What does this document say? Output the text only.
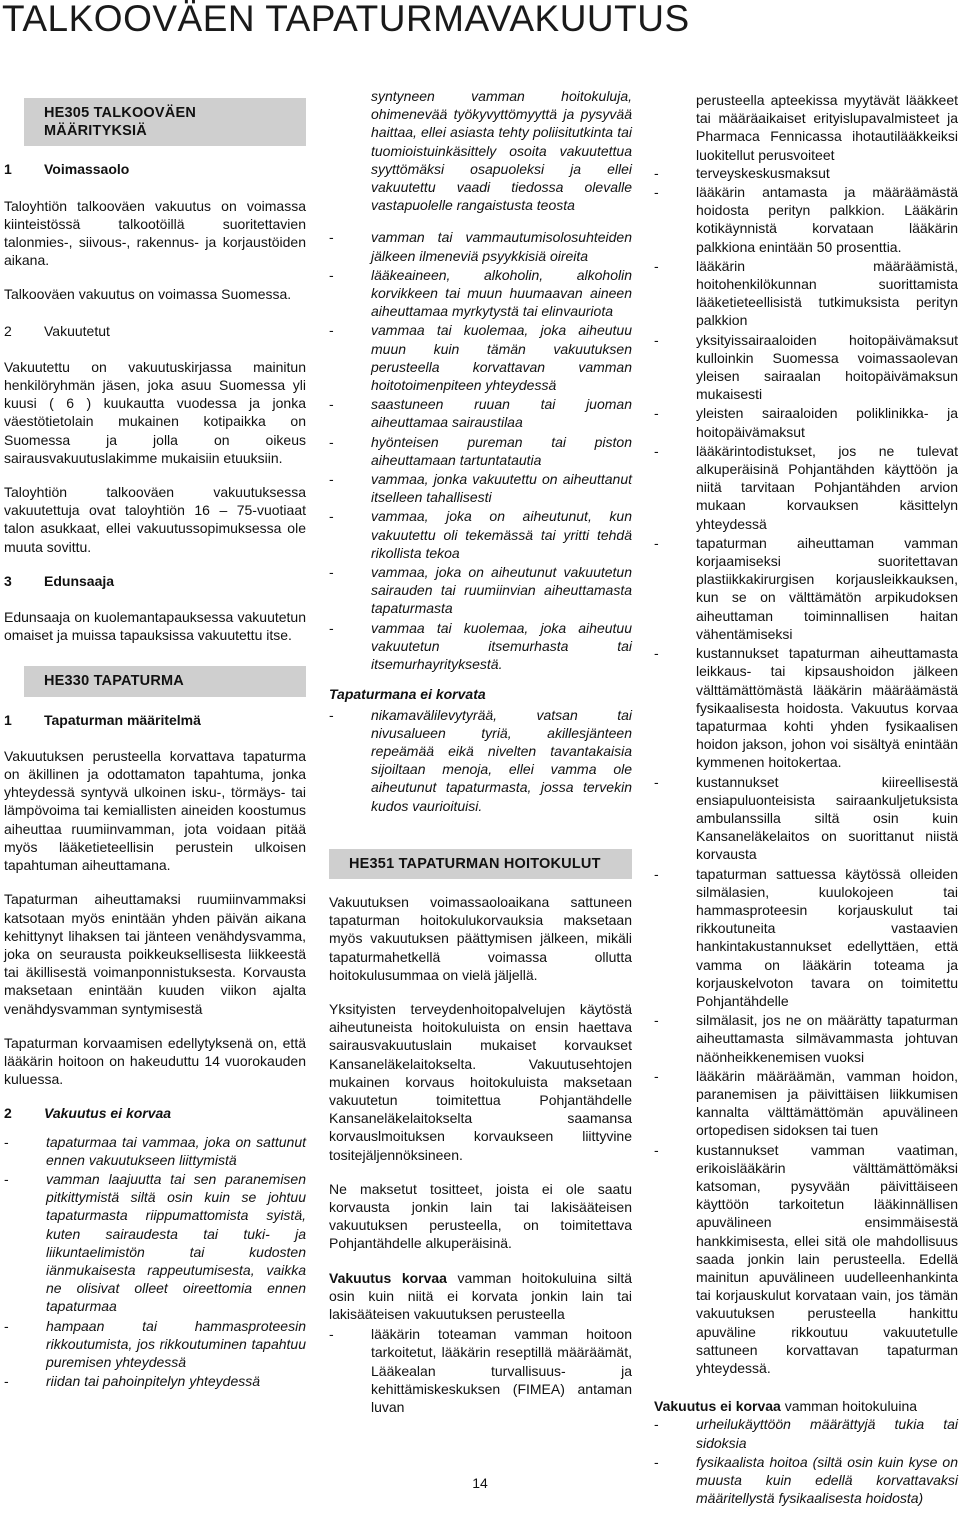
TALKOOVÄEN TAPATURMAVAKUUTUS
HE305 TALKOOVÄEN MÄÄRITYKSIÄ
1	Voimassaolo

Taloyhtiön talkooväen vakuutus on voimassa kiinteistössä talkootöillä suoritettavien talonmies-, siivous-, rakennus- ja korjaustöiden aikana.

Talkooväen vakuutus on voimassa Suomessa.

2	Vakuutetut

Vakuutettu on vakuutuskirjassa mainitun henkilöryhmän jäsen, joka asuu Suomessa yli kuusi ( 6 ) kuukautta vuodessa ja jonka väestötietolain mukainen kotipaikka on Suomessa ja jolla on oikeus sairausvakuutuslakimme mukaisiin etuuksiin.

Taloyhtiön talkooväen vakuutuksessa vakuutettuja ovat taloyhtiön 16 – 75-vuotiaat talon asukkaat, ellei vakuutussopimuksessa ole muuta sovittu.

3	Edunsaaja

Edunsaaja on kuolemantapauksessa vakuutetun omaiset ja muissa tapauksissa vakuutettu itse.

HE330 TAPATURMA
1	Tapaturman määritelmä

Vakuutuksen perusteella korvattava tapaturma on äkillinen ja odottamaton tapahtuma, jonka yhteydessä syntyvä ulkoinen isku-, törmäys- tai lämpövoima tai kemiallisten aineiden koostumus aiheuttaa ruumiinvamman, jota voidaan pitää myös lääketieteellisin perustein ulkoisen tapahtuman aiheuttamana.

Tapaturman aiheuttamaksi ruumiinvammaksi katsotaan myös enintään yhden päivän aikana kehittynyt lihaksen tai jänteen venähdysvamma, joka on seurausta poikkeuksellisesta liikkeestä tai äkillisestä voimanponnistuksesta. Korvausta maksetaan enintään kuuden viikon ajalta venähdysvamman syntymisestä

Tapaturman korvaamisen edellytyksenä on, että lääkärin hoitoon on hakeuduttu 14 vuorokauden kuluessa.

2	Vakuutus ei korvaa
-	tapaturmaa tai vammaa, joka on sattunut ennen vakuutukseen liittymistä
-	vamman laajuutta tai sen paranemisen pitkittymistä siltä osin kuin se johtuu tapaturmasta riippumattomista syistä, kuten sairaudesta tai tuki- ja liikuntaelimistön tai kudosten iänmukaisesta rappeutumisesta, vaikka ne olisivat olleet oireettomia ennen tapaturmaa
-	hampaan tai hammasproteesin rikkoutumista, jos rikkoutuminen tapahtuu puremisen yhteydessä
-	riidan tai pahoinpitelyn yhteydessä

syntyneen vamman hoitokuluja, ohimenevää työkyvyttömyyttä ja pysyvää haittaa, ellei asiasta tehty poliisitutkinta tai tuomioistuinkäsittely osoita vakuutettua syyttömäksi osapuoleksi ja ellei vakuutettu vaadi tiedossa olevalle vastapuolelle rangaistusta teosta

-	vamman tai vammautumisolosuhteiden jälkeen ilmeneviä psyykkisiä oireita
-	lääkeaineen, alkoholin, alkoholin korvikkeen tai muun huumaavan aineen aiheuttamaa myrkytystä tai elinvauriota
-	vammaa tai kuolemaa, joka aiheutuu muun kuin tämän vakuutuksen perusteella korvattavan vamman hoitotoimenpiteen yhteydessä
-	saastuneen ruuan tai juoman aiheuttamaa sairaustilaa
-	hyönteisen pureman tai piston aiheuttamaan tartuntatautia
-	vammaa, jonka vakuutettu on aiheuttanut itselleen tahallisesti
-	vammaa, joka on aiheutunut, kun vakuutettu oli tekemässä tai yritti tehdä rikollista tekoa
-	vammaa, joka on aiheutunut vakuutetun sairauden tai ruumiinvian aiheuttamasta tapaturmasta
-	vammaa tai kuolemaa, joka aiheutuu vakuutetun itsemurhasta tai itsemurhayrityksestä.
Tapaturmana ei korvata
-	nikamavälilevytyrää, vatsan tai nivusalueen tyriä, akillesjänteen repeämää eikä nivelten tavantakaisia sijoiltaan menoja, ellei vamma ole aiheutunut tapaturmasta, jossa tervekin kudos vaurioituisi.
HE351 TAPATURMAN HOITOKULUT

Vakuutuksen voimassaoloaikana sattuneen tapaturman hoitokulukorvauksia maksetaan myös vakuutuksen päättymisen jälkeen, mikäli tapaturmahetkellä voimassa ollutta hoitokulusummaa on vielä jäljellä.

Yksityisten terveydenhoitopalvelujen käytöstä aiheutuneista hoitokuluista on ensin haettava sairausvakuutuslain mukaiset korvaukset Kansaneläkelaitokselta. Vakuutusehtojen mukainen korvaus hoitokuluista maksetaan vakuutetun toimitettua Pohjantähdelle Kansaneläkelaitokselta saamansa korvauslmoituksen korvaukseen liittyvine tositejäljennöksineen.

Ne maksetut tositteet, joista ei ole saatu korvausta jonkin lain tai lakisääteisen vakuutuksen perusteella, on toimitettava Pohjantähdelle alkuperäisinä.

Vakuutus korvaa vamman hoitokuluina siltä osin kuin niitä ei korvata jonkin lain tai lakisääteisen vakuutuksen perusteella

-	lääkärin toteaman vamman hoitoon tarkoitetut, lääkärin reseptillä määräämät, Lääkealan turvallisuus- ja kehittämiskeskuksen (FIMEA) antaman luvan

perusteella apteekissa myytävät lääkkeet tai määräaikaiset erityislupavalmisteet ja Pharmaca Fennicassa ihotautilääkkeiksi luokitellut perusvoiteet

-	terveyskeskusmaksut
-	lääkärin antamasta ja määräämästä hoidosta perityn palkkion. Lääkärin kotikäynnistä korvataan lääkärin palkkiona enintään 50 prosenttia.
-	lääkärin määräämistä, hoitohenkilökunnan suorittamista lääketieteellisistä tutkimuksista perityn palkkion
-	yksityissairaaloiden hoitopäivämaksut kulloinkin Suomessa voimassaolevan yleisen sairaalan hoitopäivämaksun mukaisesti
-	yleisten sairaaloiden poliklinikka- ja hoitopäivämaksut
-	lääkärintodistukset, jos ne tulevat alkuperäisinä Pohjantähden käyttöön ja niitä tarvitaan Pohjantähden arvion mukaan korvauksen käsittelyn yhteydessä
-	tapaturman aiheuttaman vamman korjaamiseksi suoritettavan plastiikkakirurgisen korjausleikkauksen, kun se on välttämätön arpikudoksen aiheuttaman toiminnallisen haitan vähentämiseksi
-	kustannukset tapaturman aiheuttamasta leikkaus- tai kipsaushoidon jälkeen välttämättömästä lääkärin määräämästä fysikaalisesta hoidosta. Vakuutus korvaa tapaturmaa kohti yhden fysikaalisen hoidon jakson, johon voi sisältyä enintään kymmenen hoitokertaa.
-	kustannukset kiireellisestä ensiapuluonteisista sairaankuljetuksista ambulanssilla siltä osin kuin Kansaneläkelaitos on suorittanut niistä korvausta
-	tapaturman sattuessa käytössä olleiden silmälasien, kuulokojeen tai hammasproteesin korjauskulut tai rikkoutuneita vastaavien hankintakustannukset edellyttäen, että vamma on lääkärin toteama ja korjauskelvoton tavara on toimitettu Pohjantähdelle
-	silmälasit, jos ne on määrätty tapaturman aiheuttamasta silmävammasta johtuvan näönheikkenemisen vuoksi
-	lääkärin määräämän, vamman hoidon, paranemisen ja päivittäisen liikkumisen kannalta välttämättömän apuvälineen ortopedisen sidoksen tai tuen
-	kustannukset vamman vaatiman, erikoislääkärin välttämättömäksi katsoman, pysyvään päivittäiseen käyttöön tarkoitetun lääkinnällisen apuvälineen ensimmäisestä hankkimisesta, ellei sitä ole mahdollisuus saada jonkin lain perusteella. Edellä mainitun apuvälineen uudelleenhankinta tai korjauskulut korvataan vain, jos tämän vakuutuksen perusteella hankittu apuväline rikkoutuu vakuutetulle sattuneen korvattavan tapaturman yhteydessä.

Vakuutus ei korvaa vamman hoitokuluina

-	urheilukäyttöön määrättyjä tukia tai sidoksia
-	fysikaalista hoitoa (siltä osin kuin kyse on muusta kuin edellä korvattavaksi määritellystä fysikaalisesta hoidosta)
14
